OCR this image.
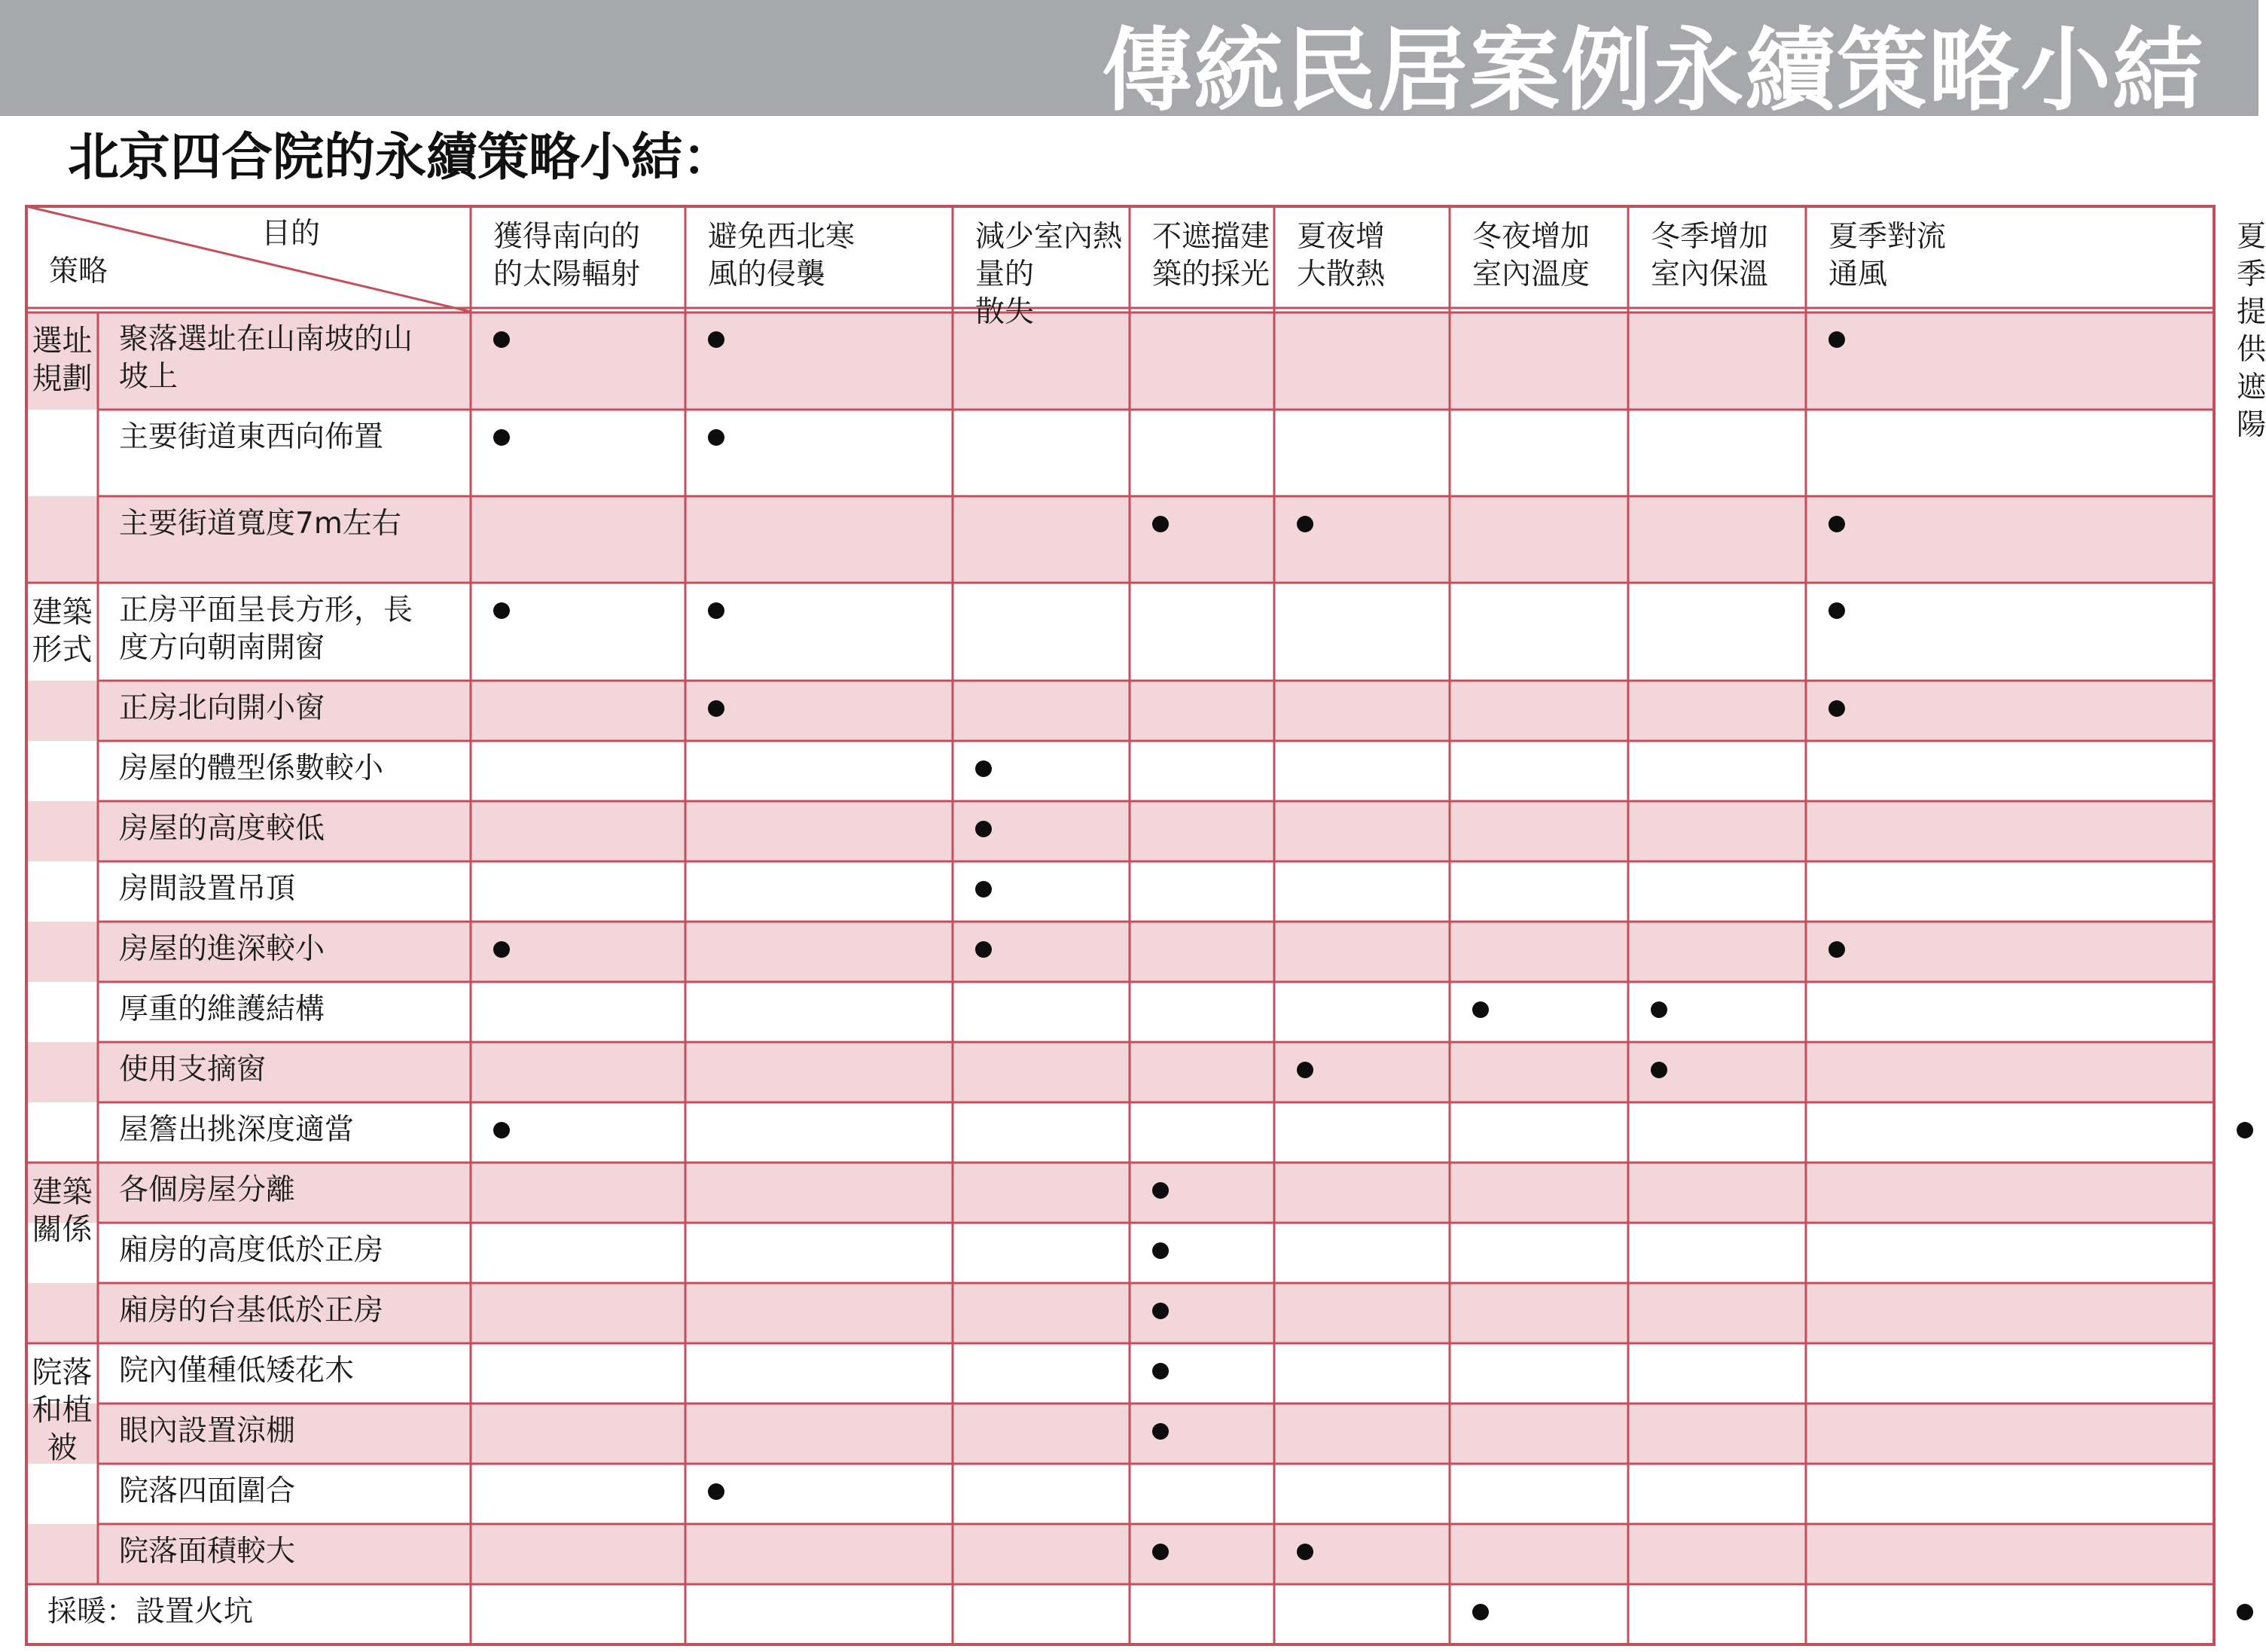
傳統民居案例永續策略小結
北京四合院的永續策略小結：
目的
策略
獲得南向的
的太陽輻射
避免西北寒
風的侵襲
減少室內熱量的
散失
不遮擋建
築的採光
夏夜增
大散熱
冬夜增加
室內溫度
冬季增加
室內保溫
夏季對流
通風
夏季提供
遮陽
選址規劃
建築形式
建築關係
院落和植被
聚落選址在山南坡的山
坡上
主要街道東西向佈置
主要街道寬度7m左右
正房平面呈長方形，長
度方向朝南開窗
正房北向開小窗
房屋的體型係數較小
房屋的高度較低
房間設置吊頂
房屋的進深較小
厚重的維護結構
使用支摘窗
屋簷出挑深度適當
各個房屋分離
廂房的高度低於正房
廂房的台基低於正房
院內僅種低矮花木
眼內設置涼棚
院落四面圍合
院落面積較大
採暖：設置火坑
